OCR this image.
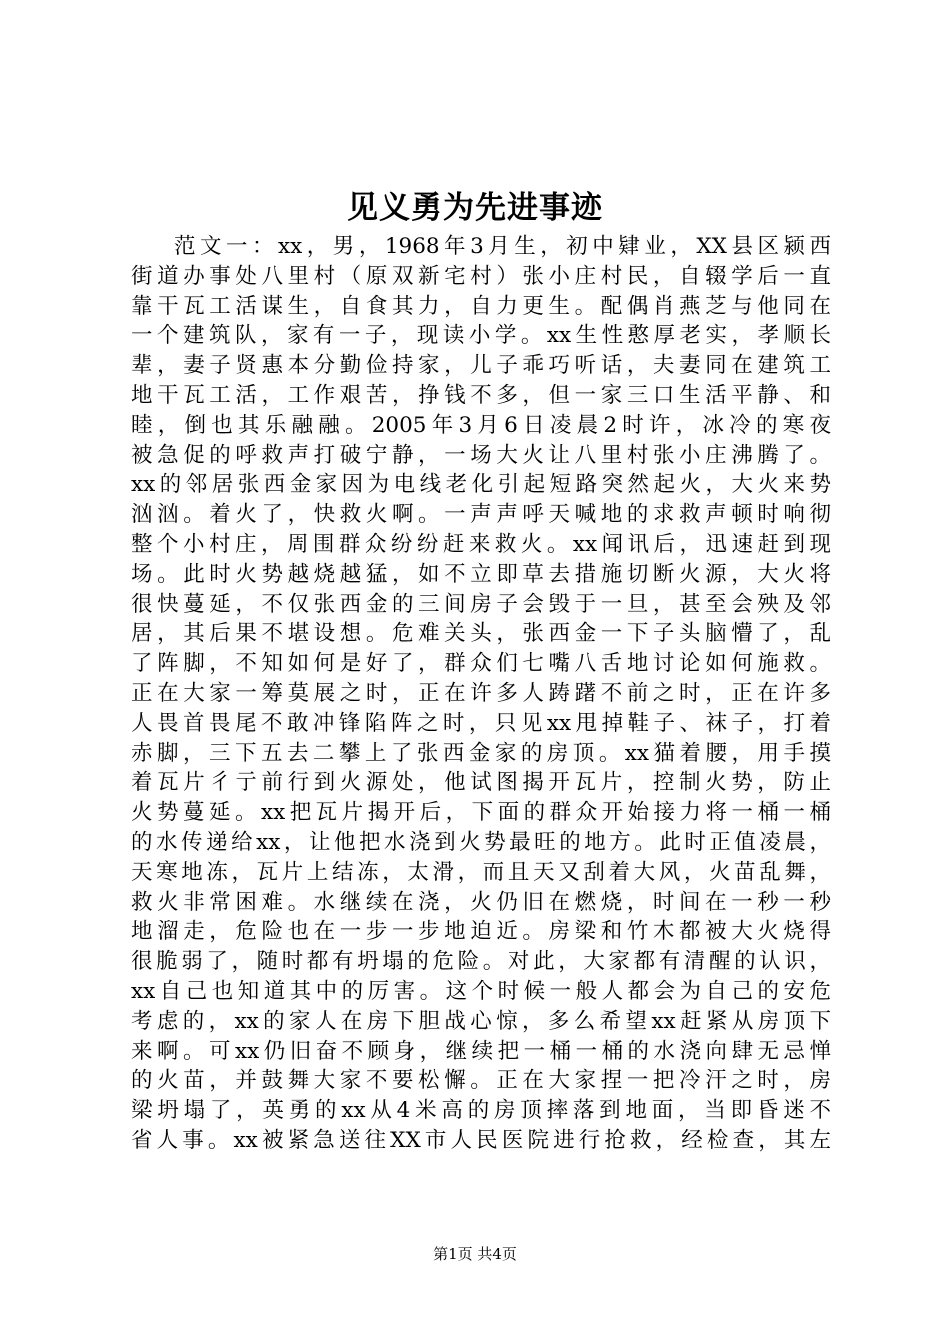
见义勇为先进事迹
范文一：xx，男，1968年3月生，初中肄业，XX县区颍西
街道办事处八里村（原双新宅村）张小庄村民，自辍学后一直
靠干瓦工活谋生，自食其力，自力更生。配偶肖燕芝与他同在
一个建筑队，家有一子，现读小学。xx生性憨厚老实，孝顺长
辈，妻子贤惠本分勤俭持家，儿子乖巧听话，夫妻同在建筑工
地干瓦工活，工作艰苦，挣钱不多，但一家三口生活平静、和
睦，倒也其乐融融。2005年3月6日凌晨2时许，冰冷的寒夜
被急促的呼救声打破宁静，一场大火让八里村张小庄沸腾了。
xx的邻居张西金家因为电线老化引起短路突然起火，大火来势
汹汹。着火了，快救火啊。一声声呼天喊地的求救声顿时响彻
整个小村庄，周围群众纷纷赶来救火。xx闻讯后，迅速赶到现
场。此时火势越烧越猛，如不立即草去措施切断火源，大火将
很快蔓延，不仅张西金的三间房子会毁于一旦，甚至会殃及邻
居，其后果不堪设想。危难关头，张西金一下子头脑懵了，乱
了阵脚，不知如何是好了，群众们七嘴八舌地讨论如何施救。
正在大家一筹莫展之时，正在许多人踌躇不前之时，正在许多
人畏首畏尾不敢冲锋陷阵之时，只见xx甩掉鞋子、袜子，打着
赤脚，三下五去二攀上了张西金家的房顶。xx猫着腰，用手摸
着瓦片彳亍前行到火源处，他试图揭开瓦片，控制火势，防止
火势蔓延。xx把瓦片揭开后，下面的群众开始接力将一桶一桶
的水传递给xx，让他把水浇到火势最旺的地方。此时正值凌晨，
天寒地冻，瓦片上结冻，太滑，而且天又刮着大风，火苗乱舞，
救火非常困难。水继续在浇，火仍旧在燃烧，时间在一秒一秒
地溜走，危险也在一步一步地迫近。房梁和竹木都被大火烧得
很脆弱了，随时都有坍塌的危险。对此，大家都有清醒的认识，
xx自己也知道其中的厉害。这个时候一般人都会为自己的安危
考虑的，xx的家人在房下胆战心惊，多么希望xx赶紧从房顶下
来啊。可xx仍旧奋不顾身，继续把一桶一桶的水浇向肆无忌惮
的火苗，并鼓舞大家不要松懈。正在大家捏一把冷汗之时，房
梁坍塌了，英勇的xx从4米高的房顶摔落到地面，当即昏迷不
省人事。xx被紧急送往XX市人民医院进行抢救，经检查，其左
第1页 共4页
